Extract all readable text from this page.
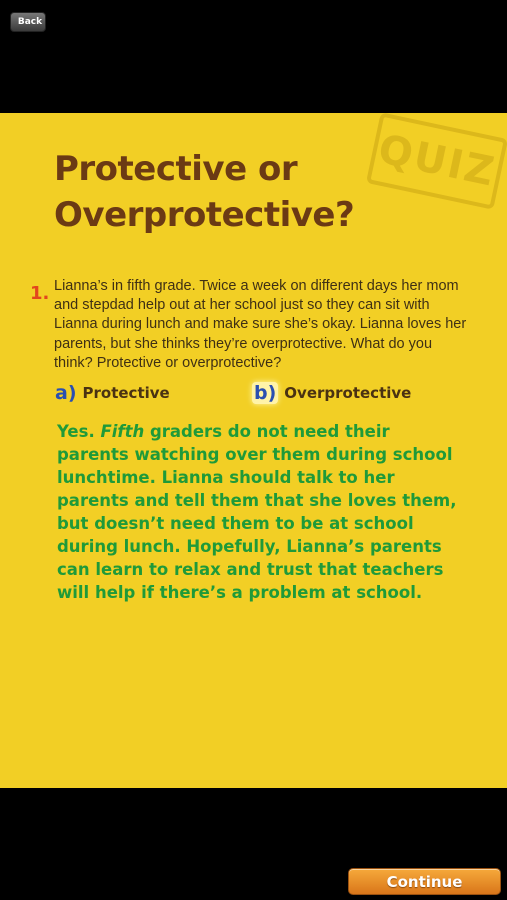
Back
Protective or
Overprotective?
QUIZ
1. Lianna’s in fifth grade. Twice a week on different days her mom and stepdad help out at her school just so they can sit with Lianna during lunch and make sure she’s okay. Lianna loves her parents, but she thinks they’re overprotective. What do you think? Protective or overprotective?
a) Protective	b) Overprotective
Yes. Fifth graders do not need their parents watching over them during school lunchtime. Lianna should talk to her parents and tell them that she loves them, but doesn’t need them to be at school during lunch. Hopefully, Lianna’s parents can learn to relax and trust that teachers will help if there’s a problem at school.
Continue
